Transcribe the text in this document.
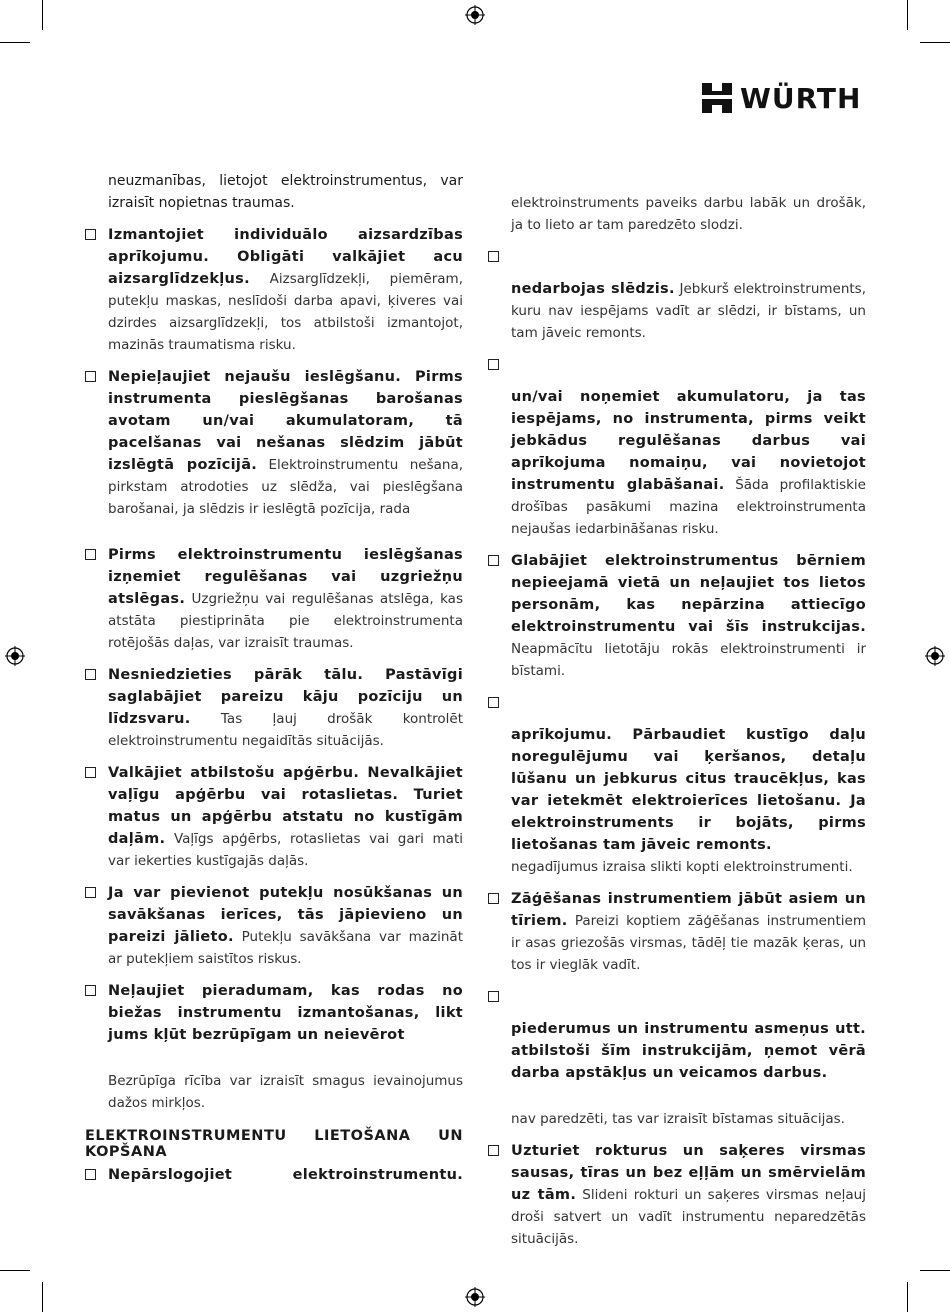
WÜRTH

neuzmanības, lietojot elektroinstrumentus, var izraisīt nopietnas traumas.

Izmantojiet individuālo aizsardzības aprīkojumu. Obligāti valkājiet acu aizsarglīdzekļus. Aizsarglīdzekļi, piemēram, putekļu maskas, neslīdoši darba apavi, ķiveres vai dzirdes aizsarglīdzekļi, tos atbilstoši izmantojot, mazinās traumatisma risku.
Nepieļaujiet nejaušu ieslēgšanu. Pirms instrumenta pieslēgšanas barošanas avotam un/vai akumulatoram, tā pacelšanas vai nešanas slēdzim jābūt izslēgtā pozīcijā. Elektroinstrumentu nešana, pirkstam atrodoties uz slēdža, vai pieslēgšana barošanai, ja slēdzis ir ieslēgtā pozīcija, rada
Pirms elektroinstrumentu ieslēgšanas izņemiet regulēšanas vai uzgriežņu atslēgas. Uzgriežņu vai regulēšanas atslēga, kas atstāta piestiprināta pie elektroinstrumenta rotējošās daļas, var izraisīt traumas.
Nesniedzieties pārāk tālu. Pastāvīgi saglabājiet pareizu kāju pozīciju un līdzsvaru. Tas ļauj drošāk kontrolēt elektroinstrumentu negaidītās situācijās.
Valkājiet atbilstošu apģērbu. Nevalkājiet vaļīgu apģērbu vai rotaslietas. Turiet matus un apģērbu atstatu no kustīgām daļām. Vaļīgs apģērbs, rotaslietas vai gari mati var iekerties kustīgajās daļās.
Ja var pievienot putekļu nosūkšanas un savākšanas ierīces, tās jāpievieno un pareizi jālieto. Putekļu savākšana var mazināt ar putekļiem saistītos riskus.
Neļaujiet pieradumam, kas rodas no biežas instrumentu izmantošanas, likt jums kļūt bezrūpīgam un neievērot

Bezrūpīga rīcība var izraisīt smagus ievainojumus dažos mirkļos.

ELEKTROINSTRUMENTU LIETOŠANA UN KOPŠANA
Nepārslogojiet elektroinstrumentu.

elektroinstruments paveiks darbu labāk un drošāk, ja to lieto ar tam paredzēto slodzi.

nedarbojas slēdzis. Jebkurš elektroinstruments, kuru nav iespējams vadīt ar slēdzi, ir bīstams, un tam jāveic remonts.
un/vai noņemiet akumulatoru, ja tas iespējams, no instrumenta, pirms veikt jebkādus regulēšanas darbus vai aprīkojuma nomaiņu, vai novietojot instrumentu glabāšanai. Šāda profilaktiskie drošības pasākumi mazina elektroinstrumenta nejaušas iedarbināšanas risku.
Glabājiet elektroinstrumentus bērniem nepieejamā vietā un neļaujiet tos lietos personām, kas nepārzina attiecīgo elektroinstrumentu vai šīs instrukcijas. Neapmācītu lietotāju rokās elektroinstrumenti ir bīstami.
aprīkojumu. Pārbaudiet kustīgo daļu noregulējumu vai ķeršanos, detaļu lūšanu un jebkurus citus traucēkļus, kas var ietekmēt elektroierīces lietošanu. Ja elektroinstruments ir bojāts, pirms lietošanas tam jāveic remonts.

negadījumus izraisa slikti kopti elektroinstrumenti.

Zāģēšanas instrumentiem jābūt asiem un tīriem. Pareizi koptiem zāģēšanas instrumentiem ir asas griezošās virsmas, tādēļ tie mazāk ķeras, un tos ir vieglāk vadīt.
piederumus un instrumentu asmeņus utt. atbilstoši šīm instrukcijām, ņemot vērā darba apstākļus un veicamos darbus.

nav paredzēti, tas var izraisīt bīstamas situācijas.

Uzturiet rokturus un saķeres virsmas sausas, tīras un bez eļļām un smērvielām uz tām. Slideni rokturi un saķeres virsmas neļauj droši satvert un vadīt instrumentu neparedzētās situācijās.
